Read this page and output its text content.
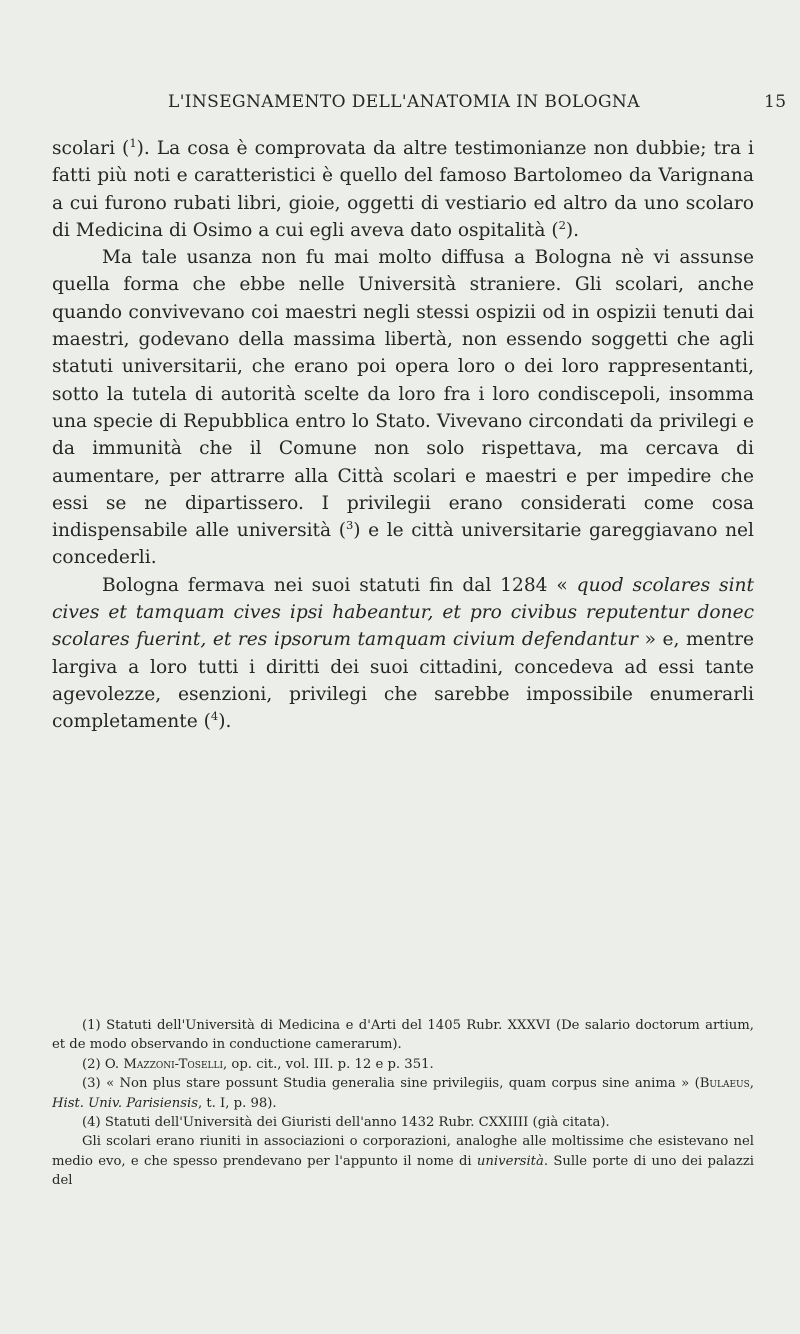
L'INSEGNAMENTO DELL'ANATOMIA IN BOLOGNA	15

scolari ($^1$). La cosa è comprovata da altre testimonianze non dubbie; tra i fatti più noti e caratteristici è quello del famoso Bartolomeo da Varignana a cui furono rubati libri, gioie, oggetti di vestiario ed altro da uno scolaro di Medicina di Osimo a cui egli aveva dato ospitalità ($^2$).

Ma tale usanza non fu mai molto diffusa a Bologna nè vi assunse quella forma che ebbe nelle Università straniere. Gli scolari, anche quando convivevano coi maestri negli stessi ospizii od in ospizii tenuti dai maestri, godevano della massima libertà, non essendo soggetti che agli statuti universitarii, che erano poi opera loro o dei loro rappresentanti, sotto la tutela di autorità scelte da loro fra i loro condiscepoli, insomma una specie di Repubblica entro lo Stato. Vivevano circondati da privilegi e da immunità che il Comune non solo rispettava, ma cercava di aumentare, per attrarre alla Città scolari e maestri e per impedire che essi se ne dipartissero. I privilegii erano considerati come cosa indispensabile alle università ($^3$) e le città universitarie gareggiavano nel concederli.

Bologna fermava nei suoi statuti fin dal 1284 « quod scolares sint cives et tamquam cives ipsi habeantur, et pro civibus reputentur donec scolares fuerint, et res ipsorum tamquam civium defendantur » e, mentre largiva a loro tutti i diritti dei suoi cittadini, concedeva ad essi tante agevolezze, esenzioni, privilegi che sarebbe impossibile enumerarli completamente ($^4$).

(1) Statuti dell'Università di Medicina e d'Arti del 1405 Rubr. XXXVI (De salario doctorum artium, et de modo observando in conductione camerarum).

(2) O. Mazzoni-Toselli, op. cit., vol. III. p. 12 e p. 351.

(3) « Non plus stare possunt Studia generalia sine privilegiis, quam corpus sine anima » (Bulaeus, Hist. Univ. Parisiensis, t. I, p. 98).

(4) Statuti dell'Università dei Giuristi dell'anno 1432 Rubr. CXXIIII (già citata).

Gli scolari erano riuniti in associazioni o corporazioni, analoghe alle moltissime che esistevano nel medio evo, e che spesso prendevano per l'appunto il nome di università. Sulle porte di uno dei palazzi del
